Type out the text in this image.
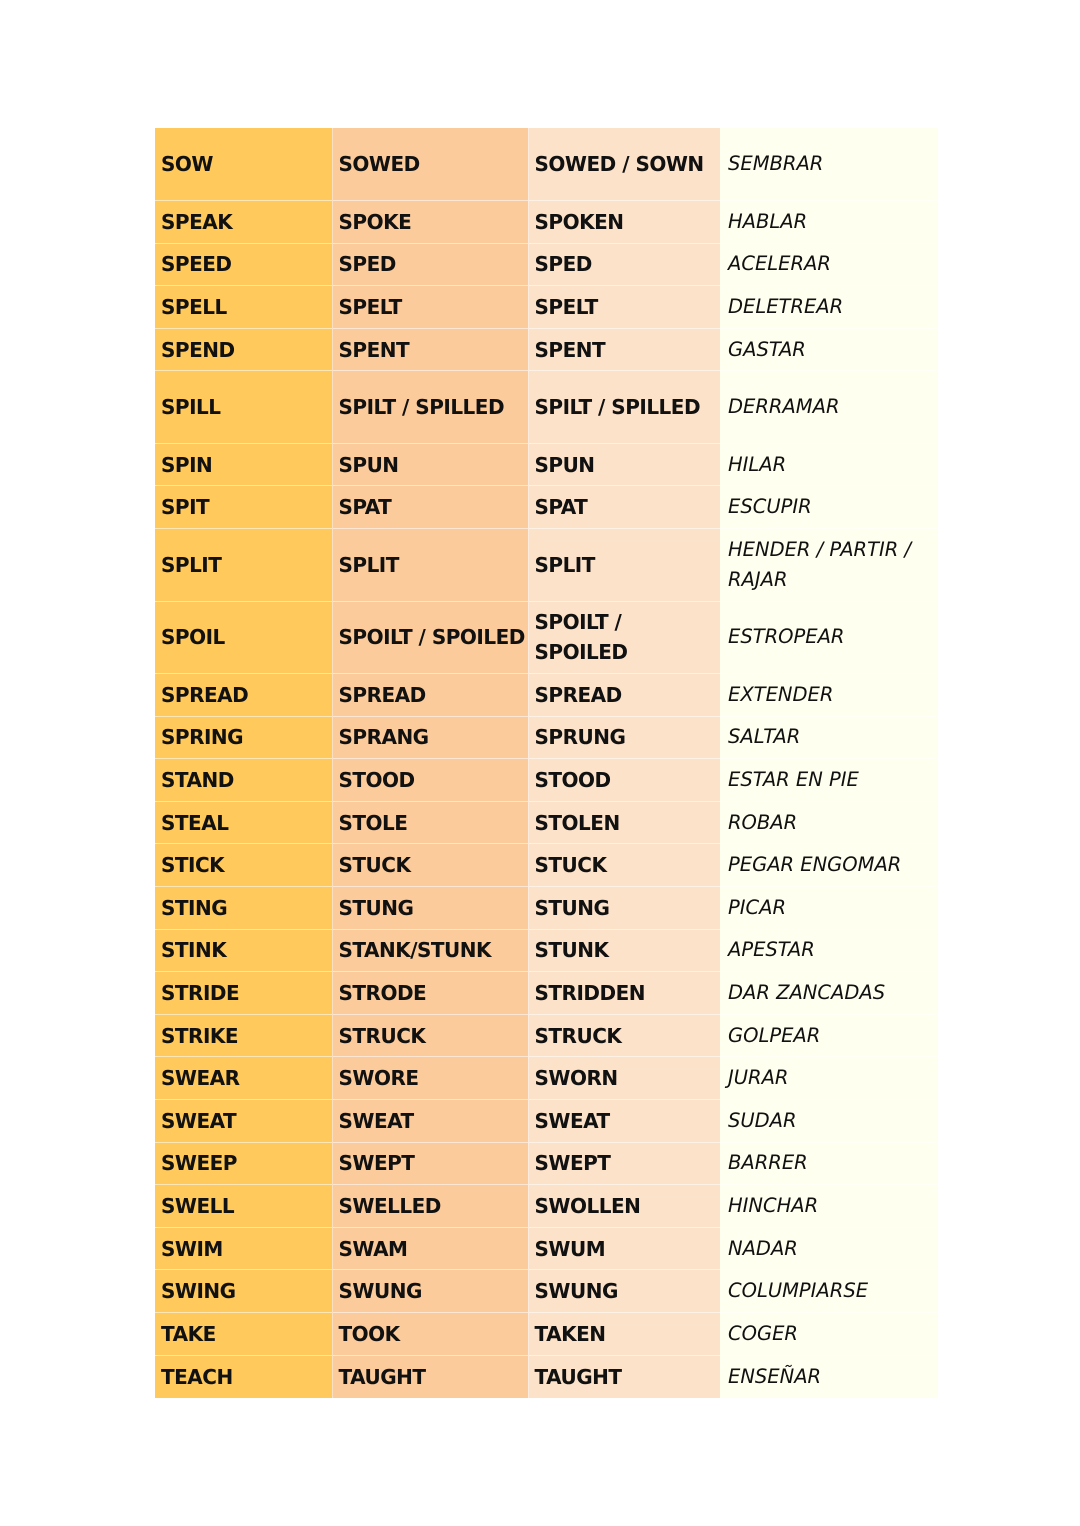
SOW	SOWED	SOWED / SOWN	SEMBRAR
SPEAK	SPOKE	SPOKEN	HABLAR
SPEED	SPED	SPED	ACELERAR
SPELL	SPELT	SPELT	DELETREAR
SPEND	SPENT	SPENT	GASTAR
SPILL	SPILT / SPILLED	SPILT / SPILLED	DERRAMAR
SPIN	SPUN	SPUN	HILAR
SPIT	SPAT	SPAT	ESCUPIR
SPLIT	SPLIT	SPLIT	HENDER / PARTIR / RAJAR
SPOIL	SPOILT / SPOILED	SPOILT / SPOILED	ESTROPEAR
SPREAD	SPREAD	SPREAD	EXTENDER
SPRING	SPRANG	SPRUNG	SALTAR
STAND	STOOD	STOOD	ESTAR EN PIE
STEAL	STOLE	STOLEN	ROBAR
STICK	STUCK	STUCK	PEGAR ENGOMAR
STING	STUNG	STUNG	PICAR
STINK	STANK/STUNK	STUNK	APESTAR
STRIDE	STRODE	STRIDDEN	DAR ZANCADAS
STRIKE	STRUCK	STRUCK	GOLPEAR
SWEAR	SWORE	SWORN	JURAR
SWEAT	SWEAT	SWEAT	SUDAR
SWEEP	SWEPT	SWEPT	BARRER
SWELL	SWELLED	SWOLLEN	HINCHAR
SWIM	SWAM	SWUM	NADAR
SWING	SWUNG	SWUNG	COLUMPIARSE
TAKE	TOOK	TAKEN	COGER
TEACH	TAUGHT	TAUGHT	ENSEÑAR
